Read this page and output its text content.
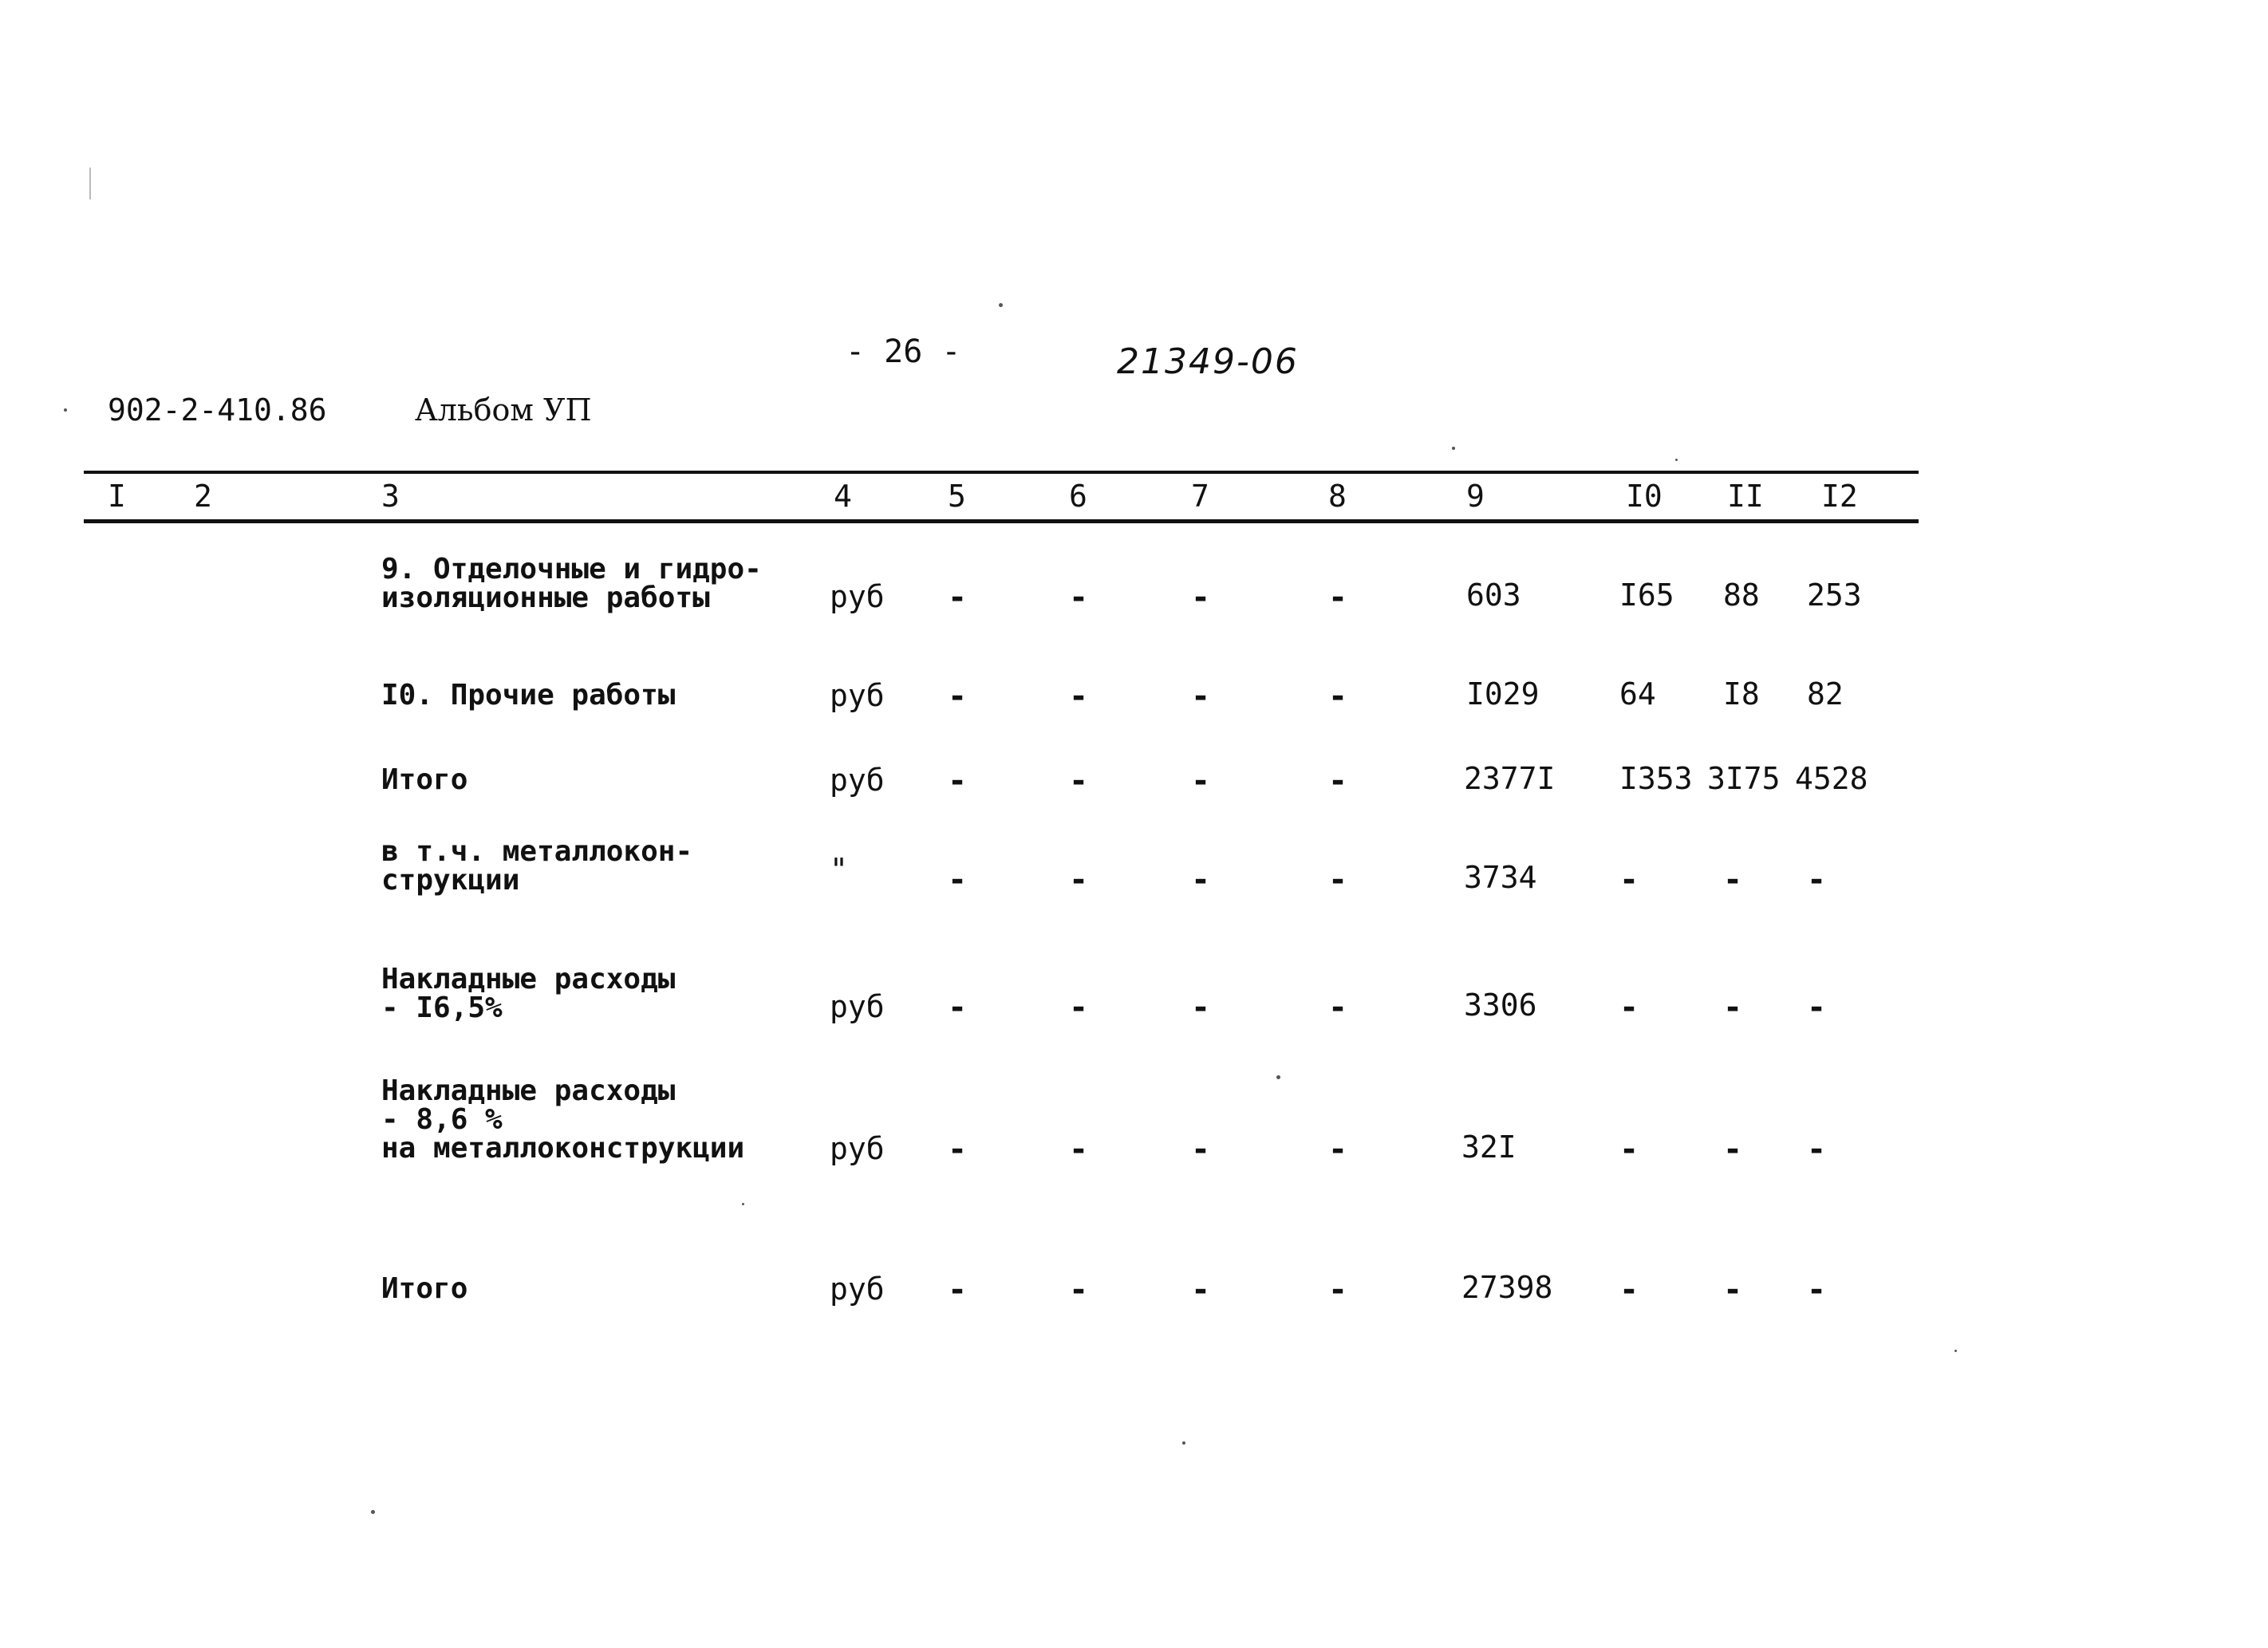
- 26 -	21349-06
902-2-410.86	Альбом УП
I 2	3	4	5	6	7	8	9	I0 II I2
9. Отделочные и гидро-
изоляционные работы	руб -	-	-	-	603	I65 88 253
I0. Прочие работы	руб -	-	-	-	I029	64 I8 82
Итого	руб -	-	-	-	2377I I353 3I75 4528
в т.ч. металлокон-
струкции	"	-	-	-	-	3734	-	- -
Накладные расходы
- I6,5%	руб -	-	-	-	3306	-	- -
Накладные расходы
- 8,6 %
на металлоконструкции	руб -	-	-	-	32I	-	- -
Итого	руб -	-	-	-	27398 -	- -
